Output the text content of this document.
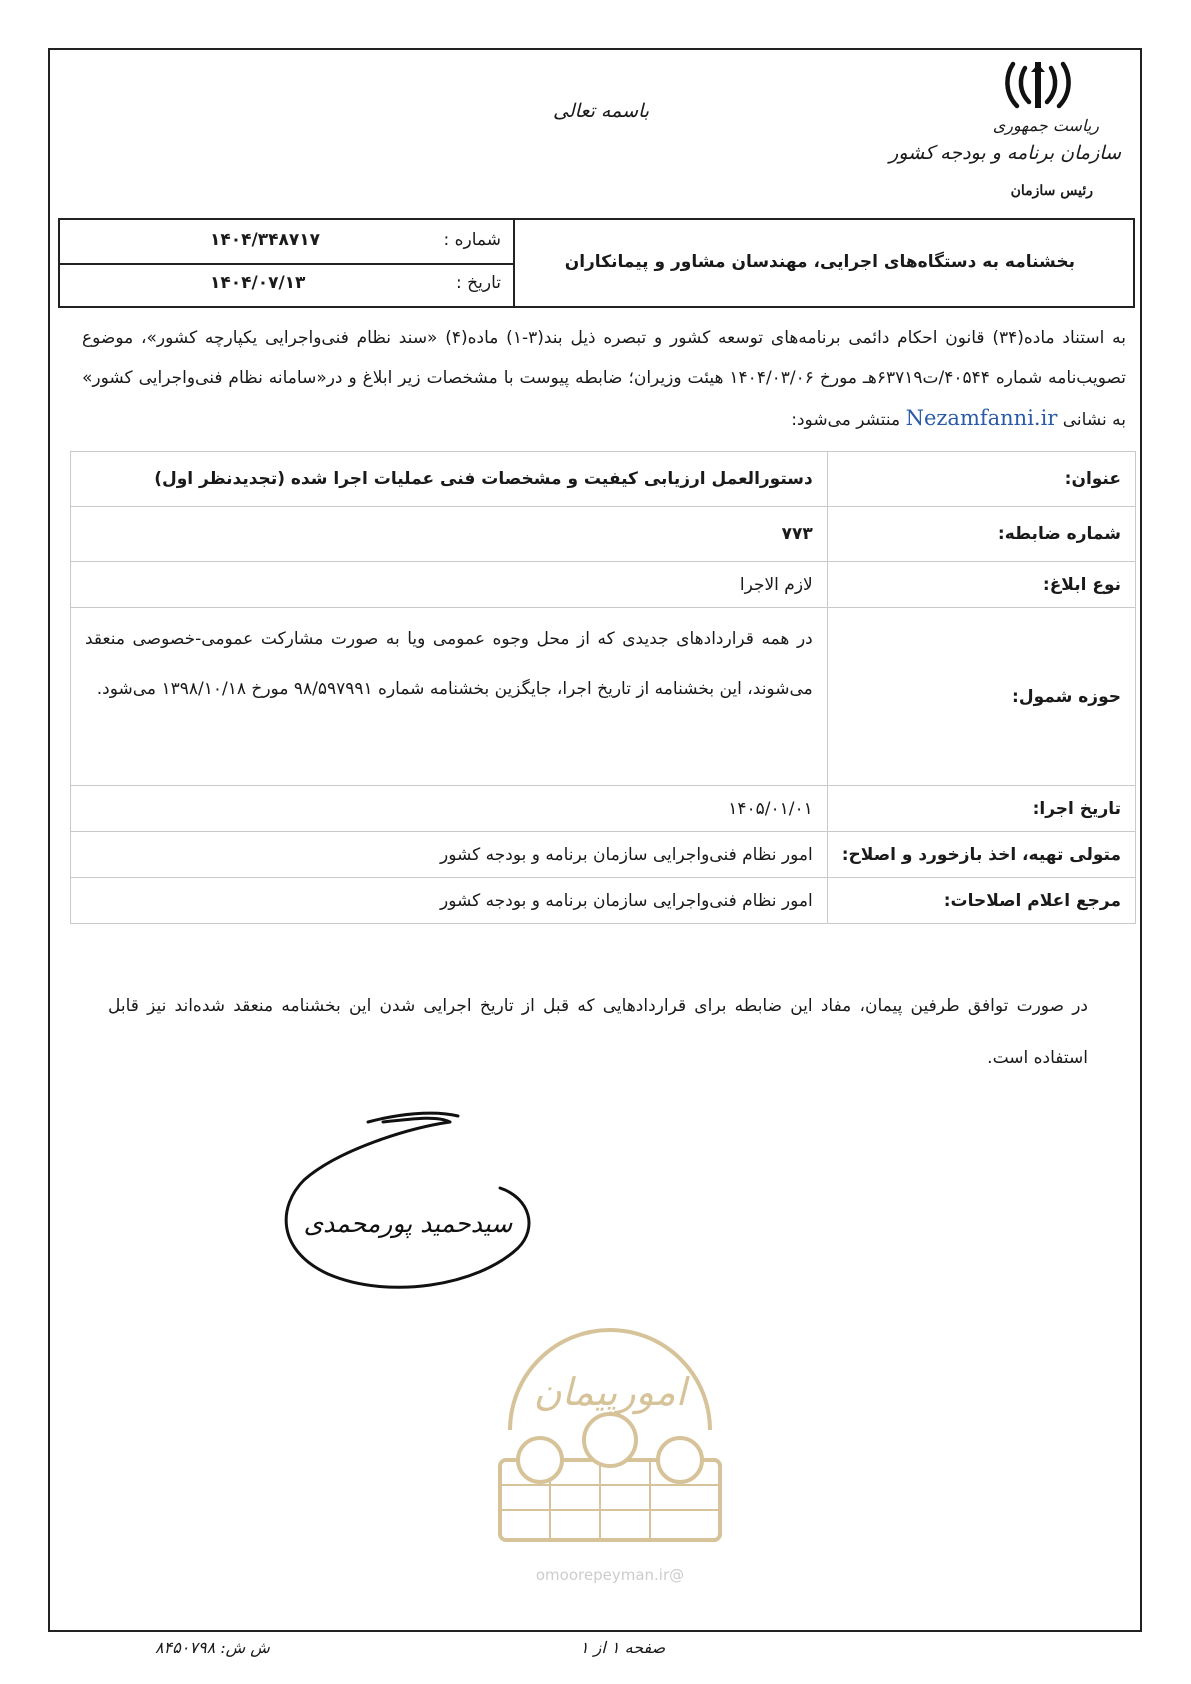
ریاست جمهوری
سازمان برنامه و بودجه کشور
رئیس سازمان
باسمه تعالی
بخشنامه به دستگاه‌های اجرایی، مهندسان مشاور و پیمانکاران
شماره :
۱۴۰۴/۳۴۸۷۱۷
تاریخ :
۱۴۰۴/۰۷/۱۳
به استناد ماده(۳۴) قانون احکام دائمی برنامه‌های توسعه کشور و تبصره ذیل بند(۳-۱) ماده(۴) «سند نظام فنی‌واجرایی یکپارچه کشور»، موضوع تصویب‌نامه شماره ۴۰۵۴۴/ت۶۳۷۱۹هـ مورخ ۱۴۰۴/۰۳/۰۶ هیئت وزیران؛ ضابطه پیوست با مشخصات زیر ابلاغ و در«سامانه نظام فنی‌واجرایی کشور» به نشانی Nezamfanni.ir منتشر می‌شود:
عنوان:	دستورالعمل ارزیابی کیفیت و مشخصات فنی عملیات اجرا شده (تجدیدنظر اول)
شماره ضابطه:	۷۷۳
نوع ابلاغ:	لازم الاجرا
حوزه شمول:	در همه قراردادهای جدیدی که از محل وجوه عمومی ویا به صورت مشارکت عمومی-خصوصی منعقد می‌شوند، این بخشنامه از تاریخ اجرا، جایگزین بخشنامه شماره ۹۸/۵۹۷۹۹۱ مورخ ۱۳۹۸/۱۰/۱۸ می‌شود.
تاریخ اجرا:	۱۴۰۵/۰۱/۰۱
متولی تهیه، اخذ بازخورد و اصلاح:	امور نظام فنی‌واجرایی سازمان برنامه و بودجه کشور
مرجع اعلام اصلاحات:	امور نظام فنی‌واجرایی سازمان برنامه و بودجه کشور
در صورت توافق طرفین پیمان، مفاد این ضابطه برای قراردادهایی که قبل از تاریخ اجرایی شدن این بخشنامه منعقد شده‌اند نیز قابل استفاده است.
سیدحمید پورمحمدی
امورپیمان
@omoorepeyman.ir
صفحه ۱ از ۱
ش ش: ۸۴۵۰۷۹۸
